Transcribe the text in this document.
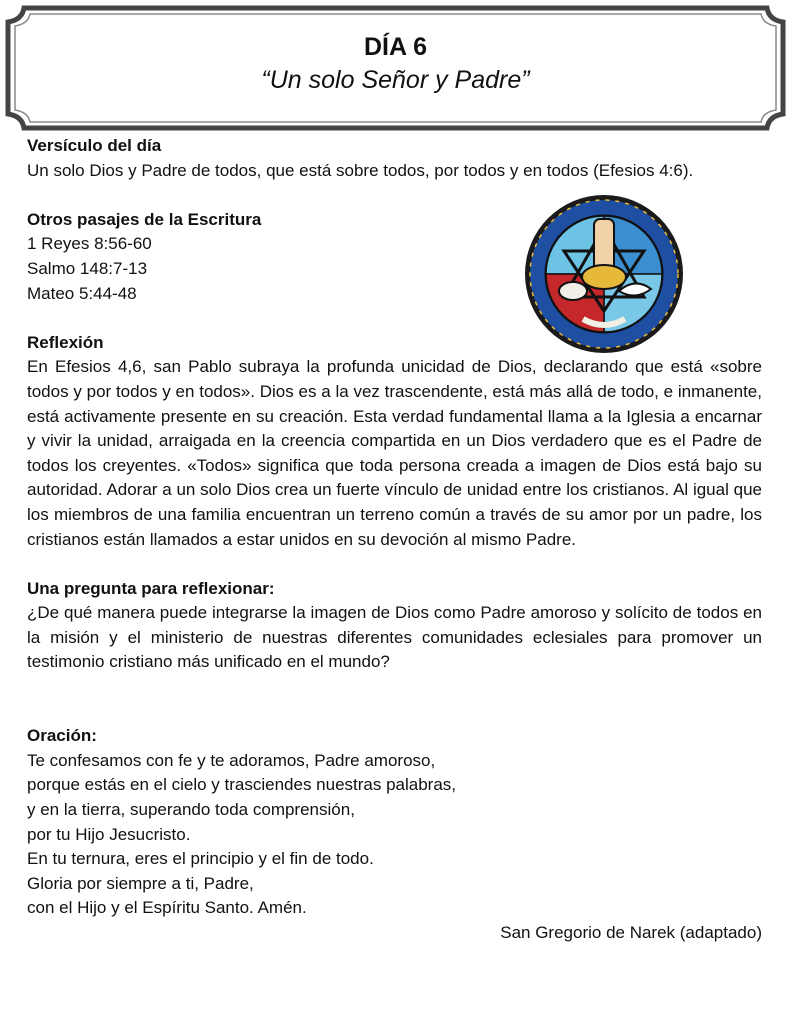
DÍA 6
“Un solo Señor y Padre”

Versículo del día

Un solo Dios y Padre de todos, que está sobre todos, por todos y en todos (Efesios 4:6).

Otros pasajes de la Escritura

1 Reyes 8:56-60

Salmo 148:7-13

Mateo 5:44-48

Reflexión

En Efesios 4,6, san Pablo subraya la profunda unicidad de Dios, declarando que está «sobre todos y por todos y en todos». Dios es a la vez trascendente, está más allá de todo, e inmanente, está activamente presente en su creación. Esta verdad fundamental llama a la Iglesia a encarnar y vivir la unidad, arraigada en la creencia compartida en un Dios verdadero que es el Padre de todos los creyentes. «Todos» significa que toda persona creada a imagen de Dios está bajo su autoridad. Adorar a un solo Dios crea un fuerte vínculo de unidad entre los cristianos. Al igual que los miembros de una familia encuentran un terreno común a través de su amor por un padre, los cristianos están llamados a estar unidos en su devoción al mismo Padre.

Una pregunta para reflexionar:

¿De qué manera puede integrarse la imagen de Dios como Padre amoroso y solícito de todos en la misión y el ministerio de nuestras diferentes comunidades eclesiales para promover un testimonio cristiano más unificado en el mundo?

Oración:

Te confesamos con fe y te adoramos, Padre amoroso,

porque estás en el cielo y trasciendes nuestras palabras,

y en la tierra, superando toda comprensión,

por tu Hijo Jesucristo.

En tu ternura, eres el principio y el fin de todo.

Gloria por siempre a ti, Padre,

con el Hijo y el Espíritu Santo. Amén.

San Gregorio de Narek (adaptado)
